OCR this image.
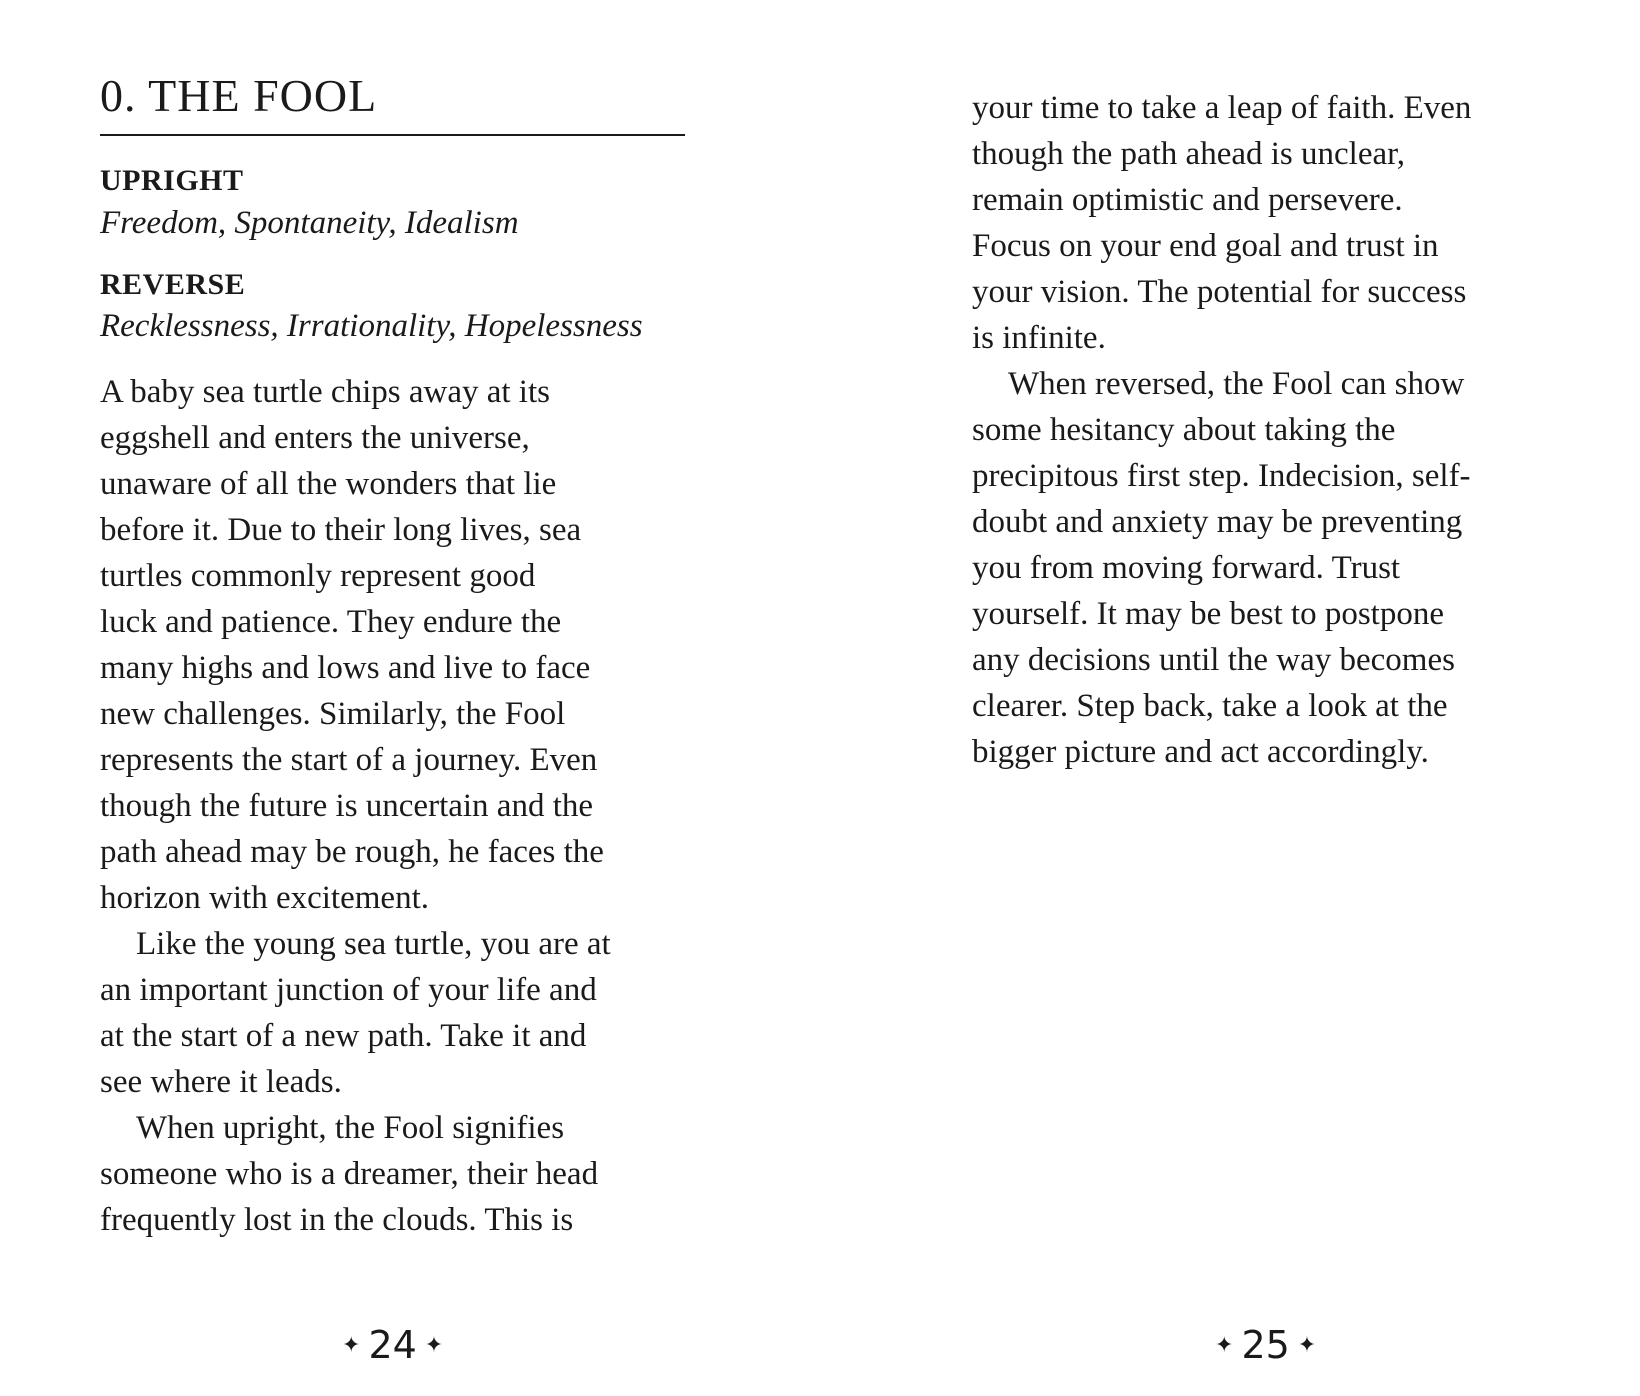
0. THE FOOL
UPRIGHT
Freedom, Spontaneity, Idealism
REVERSE
Recklessness, Irrationality, Hopelessness
A baby sea turtle chips away at its
eggshell and enters the universe,
unaware of all the wonders that lie
before it. Due to their long lives, sea
turtles commonly represent good
luck and patience. They endure the
many highs and lows and live to face
new challenges. Similarly, the Fool
represents the start of a journey. Even
though the future is uncertain and the
path ahead may be rough, he faces the
horizon with excitement.
Like the young sea turtle, you are at
an important junction of your life and
at the start of a new path. Take it and
see where it leads.
When upright, the Fool signifies
someone who is a dreamer, their head
frequently lost in the clouds. This is
✦ 24 ✦
your time to take a leap of faith. Even
though the path ahead is unclear,
remain optimistic and persevere.
Focus on your end goal and trust in
your vision. The potential for success
is infinite.
When reversed, the Fool can show
some hesitancy about taking the
precipitous first step. Indecision, self-
doubt and anxiety may be preventing
you from moving forward. Trust
yourself. It may be best to postpone
any decisions until the way becomes
clearer. Step back, take a look at the
bigger picture and act accordingly.
✦ 25 ✦
